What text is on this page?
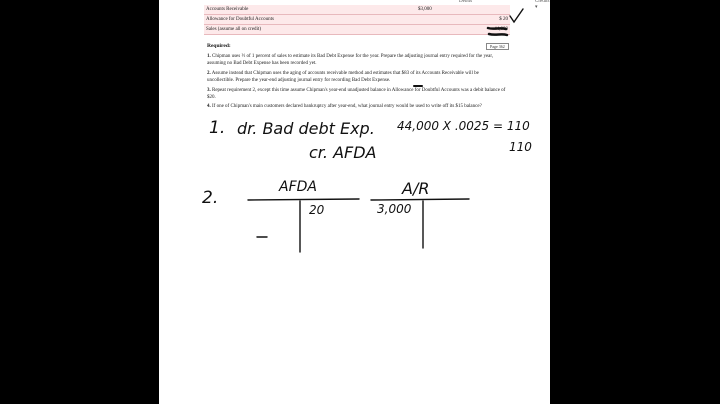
Debits	Credits ▾
Accounts Receivable	$3,000	
Allowance for Doubtful Accounts		$ 20
Sales (assume all on credit)		44,000
Page 362
Required:
1. Chipman uses ½ of 1 percent of sales to estimate its Bad Debt Expense for the year. Prepare the adjusting journal entry required for the year, assuming no Bad Debt Expense has been recorded yet.
2. Assume instead that Chipman uses the aging of accounts receivable method and estimates that $83 of its Accounts Receivable will be uncollectible. Prepare the year-end adjusting journal entry for recording Bad Debt Expense.
3. Repeat requirement 2, except this time assume Chipman's year-end unadjusted balance in Allowance for Doubtful Accounts was a debit balance of $20.
4. If one of Chipman's main customers declared bankruptcy after year-end, what journal entry would be used to write off its $15 balance?
1. dr. Bad debt Exp. 44,000 X .0025 = 110
110
cr. AFDA
2.
AFDA
20
A/R
3,000
